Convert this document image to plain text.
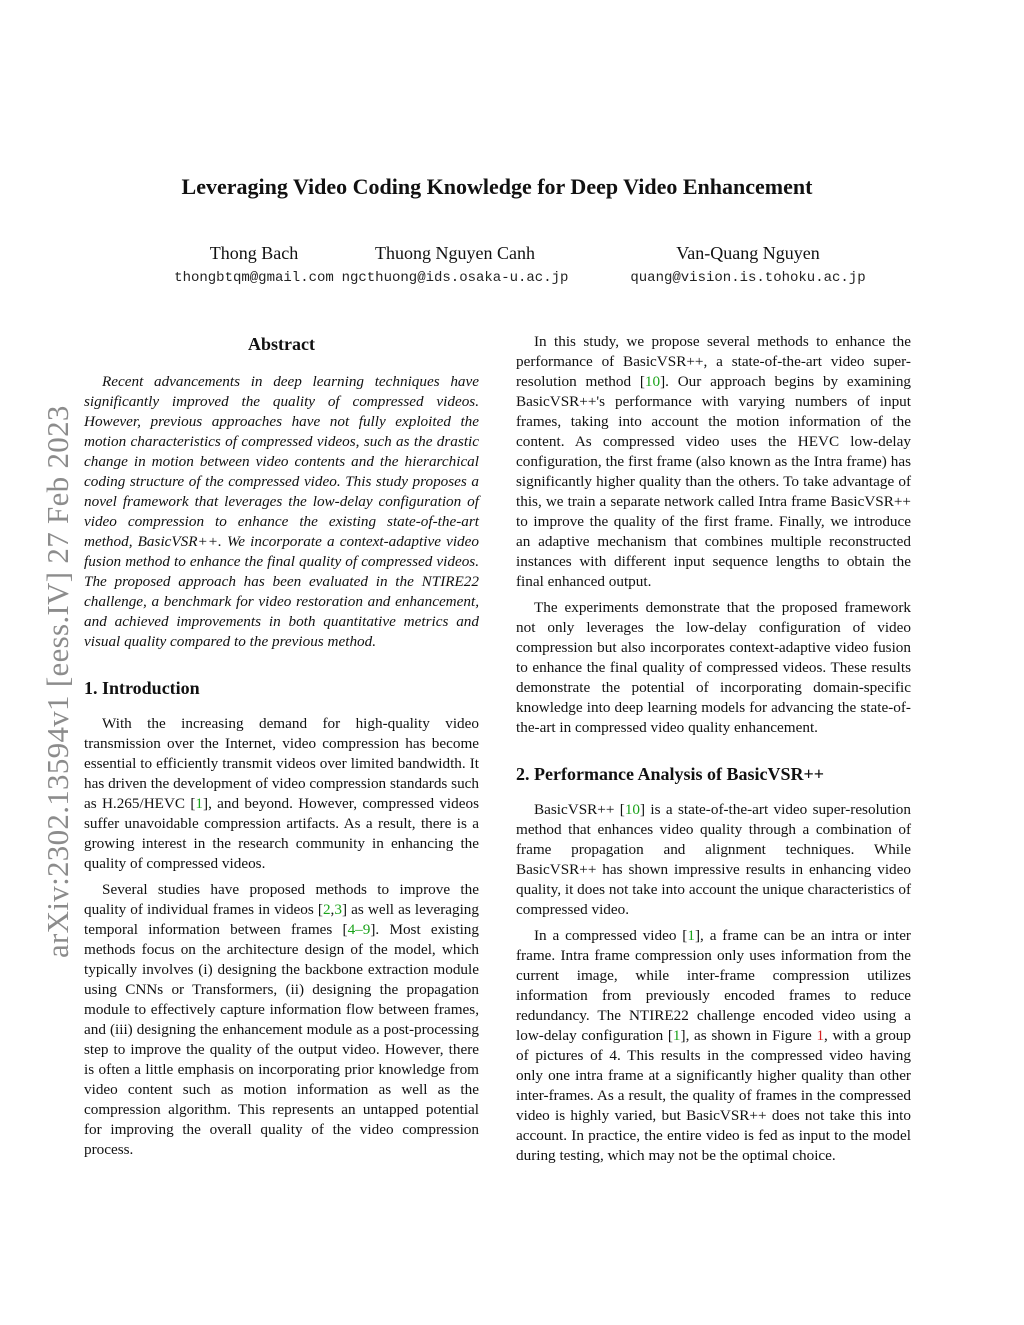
arXiv:2302.13594v1 [eess.IV] 27 Feb 2023
Leveraging Video Coding Knowledge for Deep Video Enhancement
Thong Bach
thongbtqm@gmail.com
Thuong Nguyen Canh
ngcthuong@ids.osaka-u.ac.jp
Van-Quang Nguyen
quang@vision.is.tohoku.ac.jp
Abstract

Recent advancements in deep learning techniques have significantly improved the quality of compressed videos. However, previous approaches have not fully exploited the motion characteristics of compressed videos, such as the drastic change in motion between video contents and the hierarchical coding structure of the compressed video. This study proposes a novel framework that leverages the low-delay configuration of video compression to enhance the existing state-of-the-art method, BasicVSR++. We incorporate a context-adaptive video fusion method to enhance the final quality of compressed videos. The proposed approach has been evaluated in the NTIRE22 challenge, a benchmark for video restoration and enhancement, and achieved improvements in both quantitative metrics and visual quality compared to the previous method.

1. Introduction

With the increasing demand for high-quality video transmission over the Internet, video compression has become essential to efficiently transmit videos over limited bandwidth. It has driven the development of video compression standards such as H.265/HEVC [1], and beyond. However, compressed videos suffer unavoidable compression artifacts. As a result, there is a growing interest in the research community in enhancing the quality of compressed videos.

Several studies have proposed methods to improve the quality of individual frames in videos [2,3] as well as leveraging temporal information between frames [4–9]. Most existing methods focus on the architecture design of the model, which typically involves (i) designing the backbone extraction module using CNNs or Transformers, (ii) designing the propagation module to effectively capture information flow between frames, and (iii) designing the enhancement module as a post-processing step to improve the quality of the output video. However, there is often a little emphasis on incorporating prior knowledge from video content such as motion information as well as the compression algorithm. This represents an untapped potential for improving the overall quality of the video compression process.

In this study, we propose several methods to enhance the performance of BasicVSR++, a state-of-the-art video super-resolution method [10]. Our approach begins by examining BasicVSR++'s performance with varying numbers of input frames, taking into account the motion information of the content. As compressed video uses the HEVC low-delay configuration, the first frame (also known as the Intra frame) has significantly higher quality than the others. To take advantage of this, we train a separate network called Intra frame BasicVSR++ to improve the quality of the first frame. Finally, we introduce an adaptive mechanism that combines multiple reconstructed instances with different input sequence lengths to obtain the final enhanced output.

The experiments demonstrate that the proposed framework not only leverages the low-delay configuration of video compression but also incorporates context-adaptive video fusion to enhance the final quality of compressed videos. These results demonstrate the potential of incorporating domain-specific knowledge into deep learning models for advancing the state-of-the-art in compressed video quality enhancement.

2. Performance Analysis of BasicVSR++

BasicVSR++ [10] is a state-of-the-art video super-resolution method that enhances video quality through a combination of frame propagation and alignment techniques. While BasicVSR++ has shown impressive results in enhancing video quality, it does not take into account the unique characteristics of compressed video.

In a compressed video [1], a frame can be an intra or inter frame. Intra frame compression only uses information from the current image, while inter-frame compression utilizes information from previously encoded frames to reduce redundancy. The NTIRE22 challenge encoded video using a low-delay configuration [1], as shown in Figure 1, with a group of pictures of 4. This results in the compressed video having only one intra frame at a significantly higher quality than other inter-frames. As a result, the quality of frames in the compressed video is highly varied, but BasicVSR++ does not take this into account. In practice, the entire video is fed as input to the model during testing, which may not be the optimal choice.
